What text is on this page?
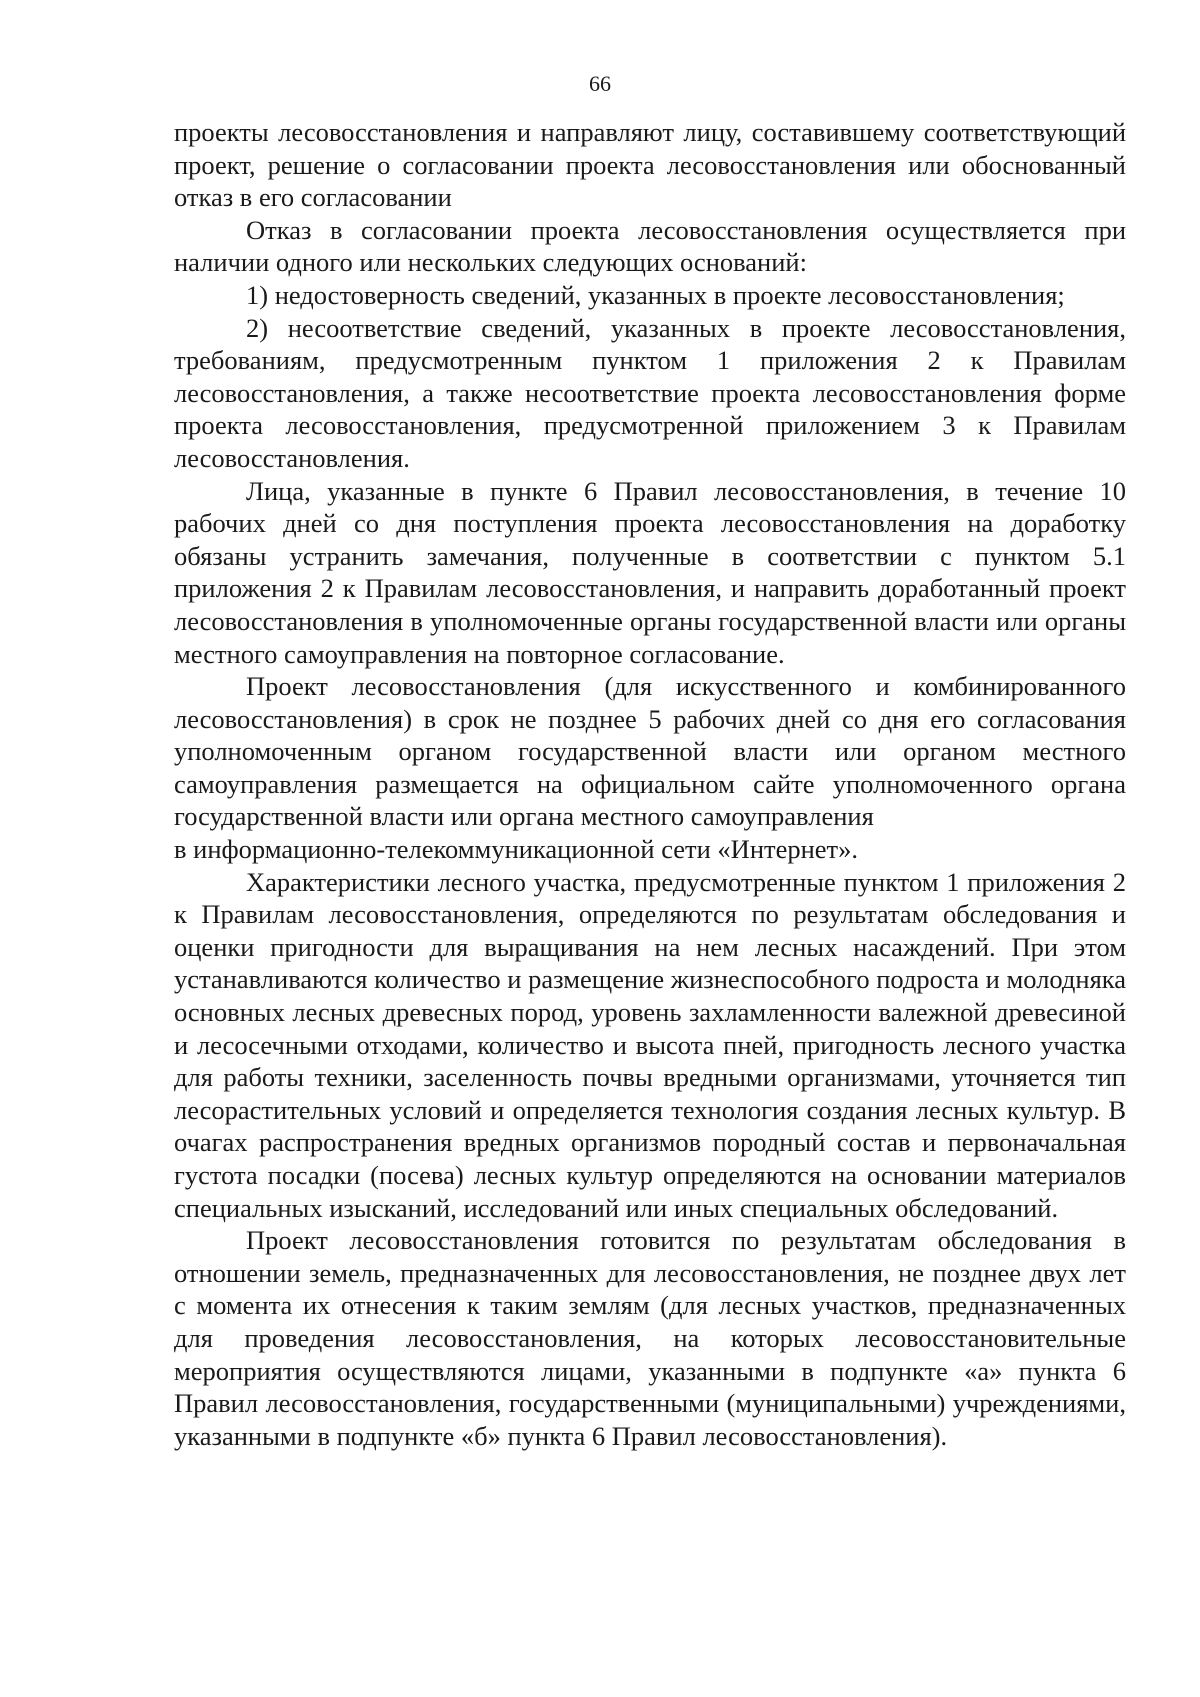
66

проекты лесовосстановления и направляют лицу, составившему соответствующий проект, решение о согласовании проекта лесовосстановления или обоснованный отказ в его согласовании

Отказ в согласовании проекта лесовосстановления осуществляется при наличии одного или нескольких следующих оснований:

1) недостоверность сведений, указанных в проекте лесовосстановления;

2) несоответствие сведений, указанных в проекте лесовосстановления, требованиям, предусмотренным пунктом 1 приложения 2 к Правилам лесовосстановления, а также несоответствие проекта лесовосстановления форме проекта лесовосстановления, предусмотренной приложением 3 к Правилам лесовосстановления.

Лица, указанные в пункте 6 Правил лесовосстановления, в течение 10 рабочих дней со дня поступления проекта лесовосстановления на доработку обязаны устранить замечания, полученные в соответствии с пунктом 5.1 приложения 2 к Правилам лесовосстановления, и направить доработанный проект лесовосстановления в уполномоченные органы государственной власти или органы местного самоуправления на повторное согласование.

Проект лесовосстановления (для искусственного и комбинированного лесовосстановления) в срок не позднее 5 рабочих дней со дня его согласования уполномоченным органом государственной власти или органом местного самоуправления размещается на официальном сайте уполномоченного органа государственной власти или органа местного самоуправления

в информационно-телекоммуникационной сети «Интернет».

Характеристики лесного участка, предусмотренные пунктом 1 приложения 2 к Правилам лесовосстановления, определяются по результатам обследования и оценки пригодности для выращивания на нем лесных насаждений. При этом устанавливаются количество и размещение жизнеспособного подроста и молодняка основных лесных древесных пород, уровень захламленности валежной древесиной и лесосечными отходами, количество и высота пней, пригодность лесного участка для работы техники, заселенность почвы вредными организмами, уточняется тип лесорастительных условий и определяется технология создания лесных культур. В очагах распространения вредных организмов породный состав и первоначальная густота посадки (посева) лесных культур определяются на основании материалов специальных изысканий, исследований или иных специальных обследований.

Проект лесовосстановления готовится по результатам обследования в отношении земель, предназначенных для лесовосстановления, не позднее двух лет с момента их отнесения к таким землям (для лесных участков, предназначенных для проведения лесовосстановления, на которых лесовосстановительные мероприятия осуществляются лицами, указанными в подпункте «а» пункта 6 Правил лесовосстановления, государственными (муниципальными) учреждениями, указанными в подпункте «б» пункта 6 Правил лесовосстановления).
